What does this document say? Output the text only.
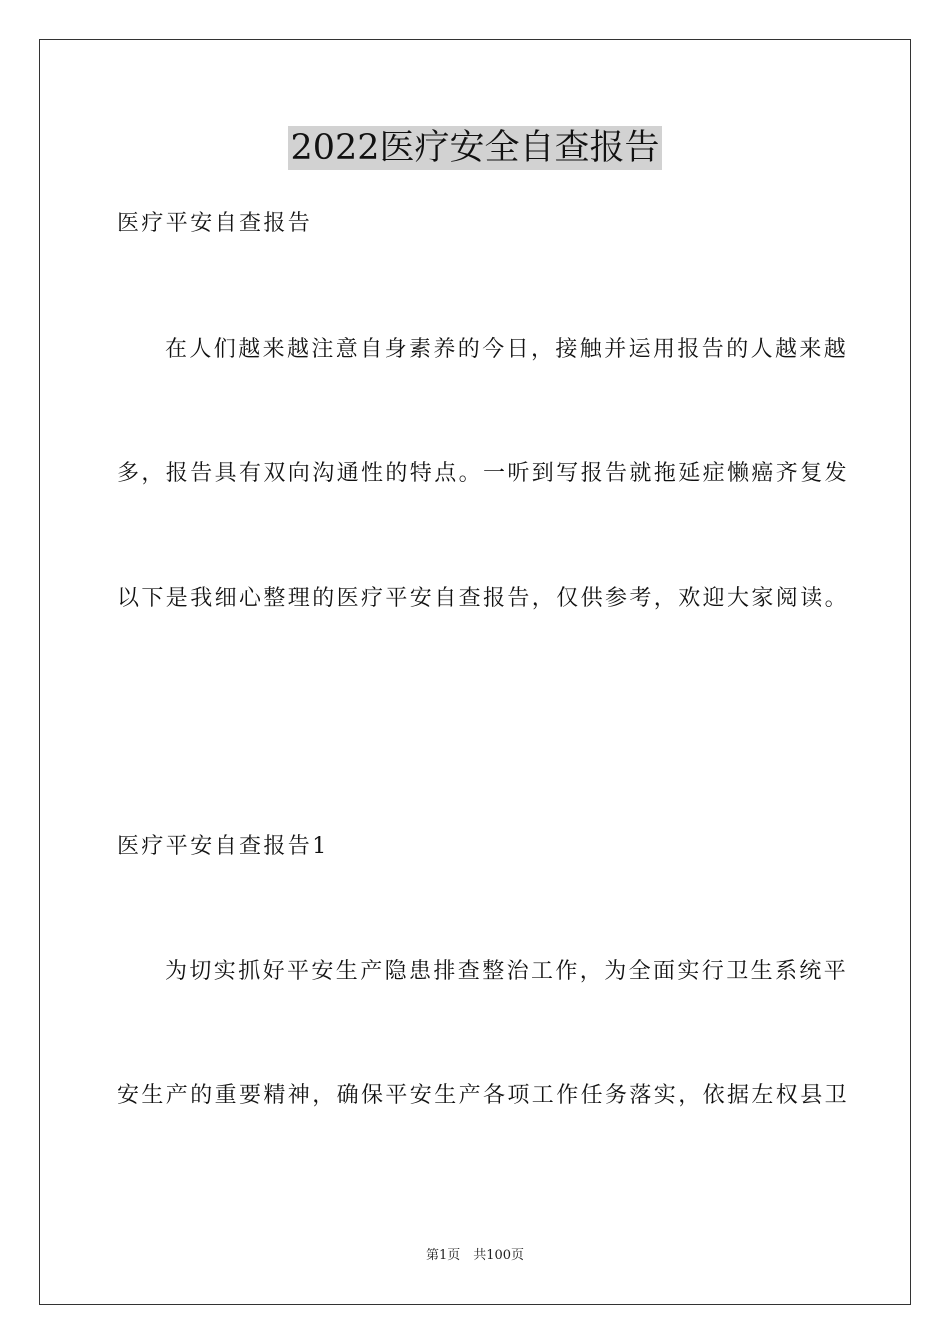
2022医疗安全自查报告
医疗平安自查报告
在人们越来越注意自身素养的今日，接触并运用报告的人越来越
多，报告具有双向沟通性的特点。一听到写报告就拖延症懒癌齐复发
以下是我细心整理的医疗平安自查报告，仅供参考，欢迎大家阅读。
医疗平安自查报告1
为切实抓好平安生产隐患排查整治工作，为全面实行卫生系统平
安生产的重要精神，确保平安生产各项工作任务落实，依据左权县卫
第1页　共100页
